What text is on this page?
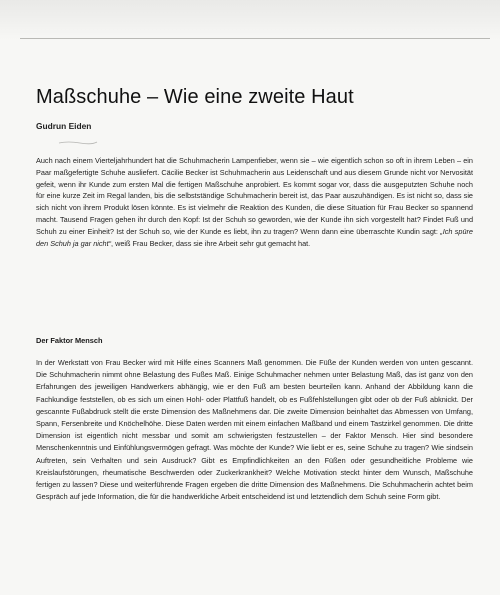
Maßschuhe – Wie eine zweite Haut

Gudrun Eiden

Auch nach einem Vierteljahrhundert hat die Schuhmacherin Lampenfieber, wenn sie – wie eigentlich schon so oft in ihrem Leben – ein Paar maßgefertigte Schuhe ausliefert. Cäcilie Becker ist Schuhmacherin aus Leidenschaft und aus diesem Grunde nicht vor Nervosität gefeit, wenn ihr Kunde zum ersten Mal die fertigen Maßschuhe anprobiert. Es kommt sogar vor, dass die ausgeputzten Schuhe noch für eine kurze Zeit im Regal landen, bis die selbstständige Schuhmacherin bereit ist, das Paar auszuhändigen. Es ist nicht so, dass sie sich nicht von ihrem Produkt lösen könnte. Es ist vielmehr die Reaktion des Kunden, die diese Situation für Frau Becker so spannend macht. Tausend Fragen gehen ihr durch den Kopf: Ist der Schuh so geworden, wie der Kunde ihn sich vorgestellt hat? Findet Fuß und Schuh zu einer Einheit? Ist der Schuh so, wie der Kunde es liebt, ihn zu tragen? Wenn dann eine überraschte Kundin sagt: „Ich spüre den Schuh ja gar nicht“, weiß Frau Becker, dass sie ihre Arbeit sehr gut gemacht hat.

Der Faktor Mensch

In der Werkstatt von Frau Becker wird mit Hilfe eines Scanners Maß genommen. Die Füße der Kunden werden von unten gescannt. Die Schuhmacherin nimmt ohne Belastung des Fußes Maß. Einige Schuhmacher nehmen unter Belastung Maß, das ist ganz von den Erfahrungen des jeweiligen Handwerkers abhängig, wie er den Fuß am besten beurteilen kann. Anhand der Abbildung kann die Fachkundige feststellen, ob es sich um einen Hohl- oder Plattfuß handelt, ob es Fußfehlstellungen gibt oder ob der Fuß abknickt. Der gescannte Fußabdruck stellt die erste Dimension des Maßnehmens dar. Die zweite Dimension beinhaltet das Abmessen von Umfang, Spann, Fersenbreite und Knöchelhöhe. Diese Daten werden mit einem einfachen Maßband und einem Tastzirkel genommen. Die dritte Dimension ist eigentlich nicht messbar und somit am schwierigsten festzustellen – der Faktor Mensch. Hier sind besondere Menschenkenntnis und Einfühlungsvermögen gefragt. Was möchte der Kunde? Wie liebt er es, seine Schuhe zu tragen? Wie sindsein Auftreten, sein Verhalten und sein Ausdruck? Gibt es Empfindlichkeiten an den Füßen oder gesundheitliche Probleme wie Kreislaufstörungen, rheumatische Beschwerden oder Zuckerkrankheit? Welche Motivation steckt hinter dem Wunsch, Maßschuhe fertigen zu lassen? Diese und weiterführende Fragen ergeben die dritte Dimension des Maßnehmens. Die Schuhmacherin achtet beim Gespräch auf jede Information, die für die handwerkliche Arbeit entscheidend ist und letztendlich dem Schuh seine Form gibt.
